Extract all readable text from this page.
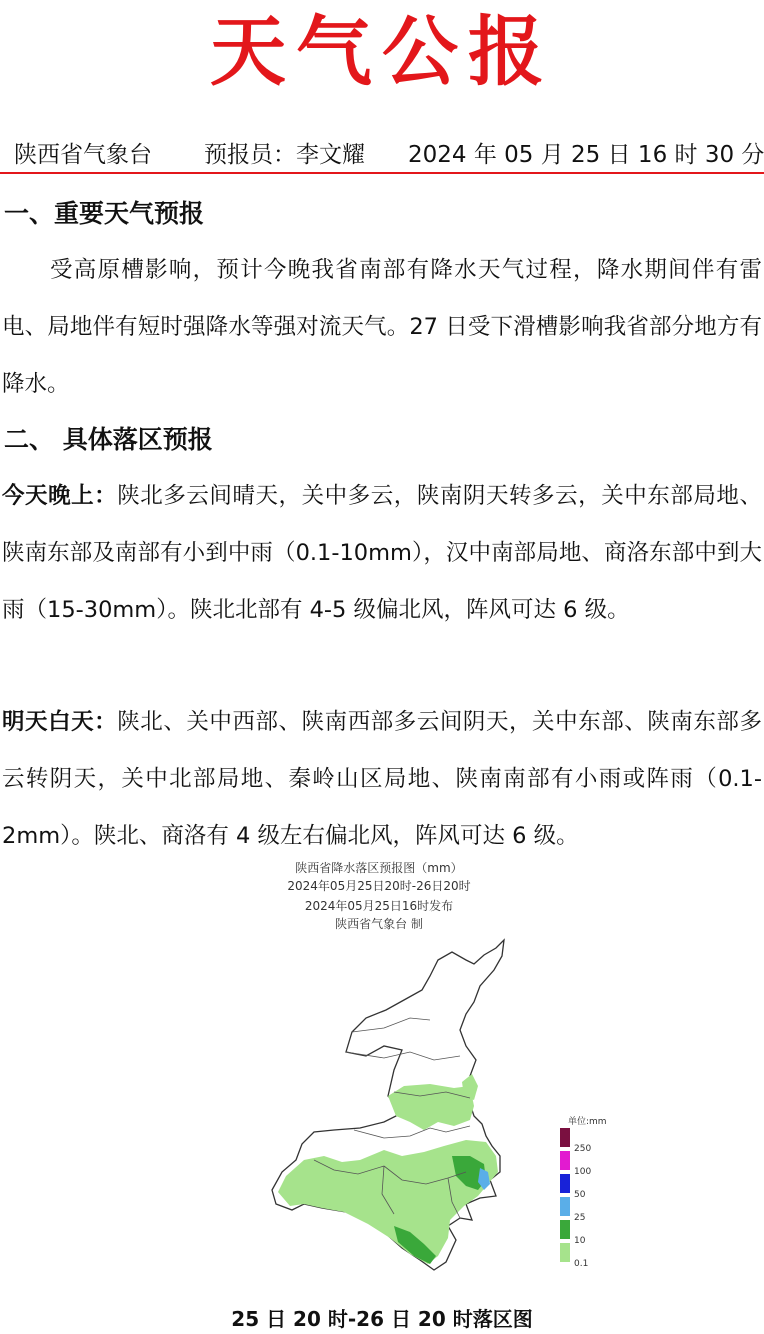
天气公报
陕西省气象台 预报员：李文耀 2024 年 05 月 25 日 16 时 30 分
一、重要天气预报
受高原槽影响，预计今晚我省南部有降水天气过程，降水期间伴有雷电、局地伴有短时强降水等强对流天气。27 日受下滑槽影响我省部分地方有降水。
二、 具体落区预报
今天晚上：陕北多云间晴天，关中多云，陕南阴天转多云，关中东部局地、陕南东部及南部有小到中雨（0.1-10mm），汉中南部局地、商洛东部中到大雨（15-30mm）。陕北北部有 4-5 级偏北风，阵风可达 6 级。
明天白天：陕北、关中西部、陕南西部多云间阴天，关中东部、陕南东部多云转阴天，关中北部局地、秦岭山区局地、陕南南部有小雨或阵雨（0.1-2mm）。陕北、商洛有 4 级左右偏北风，阵风可达 6 级。
陕西省降水落区预报图（mm）
2024年05月25日20时-26日20时
2024年05月25日16时发布
陕西省气象台 制
单位:mm
250
100
50
25
10
0.1
25 日 20 时-26 日 20 时落区图
